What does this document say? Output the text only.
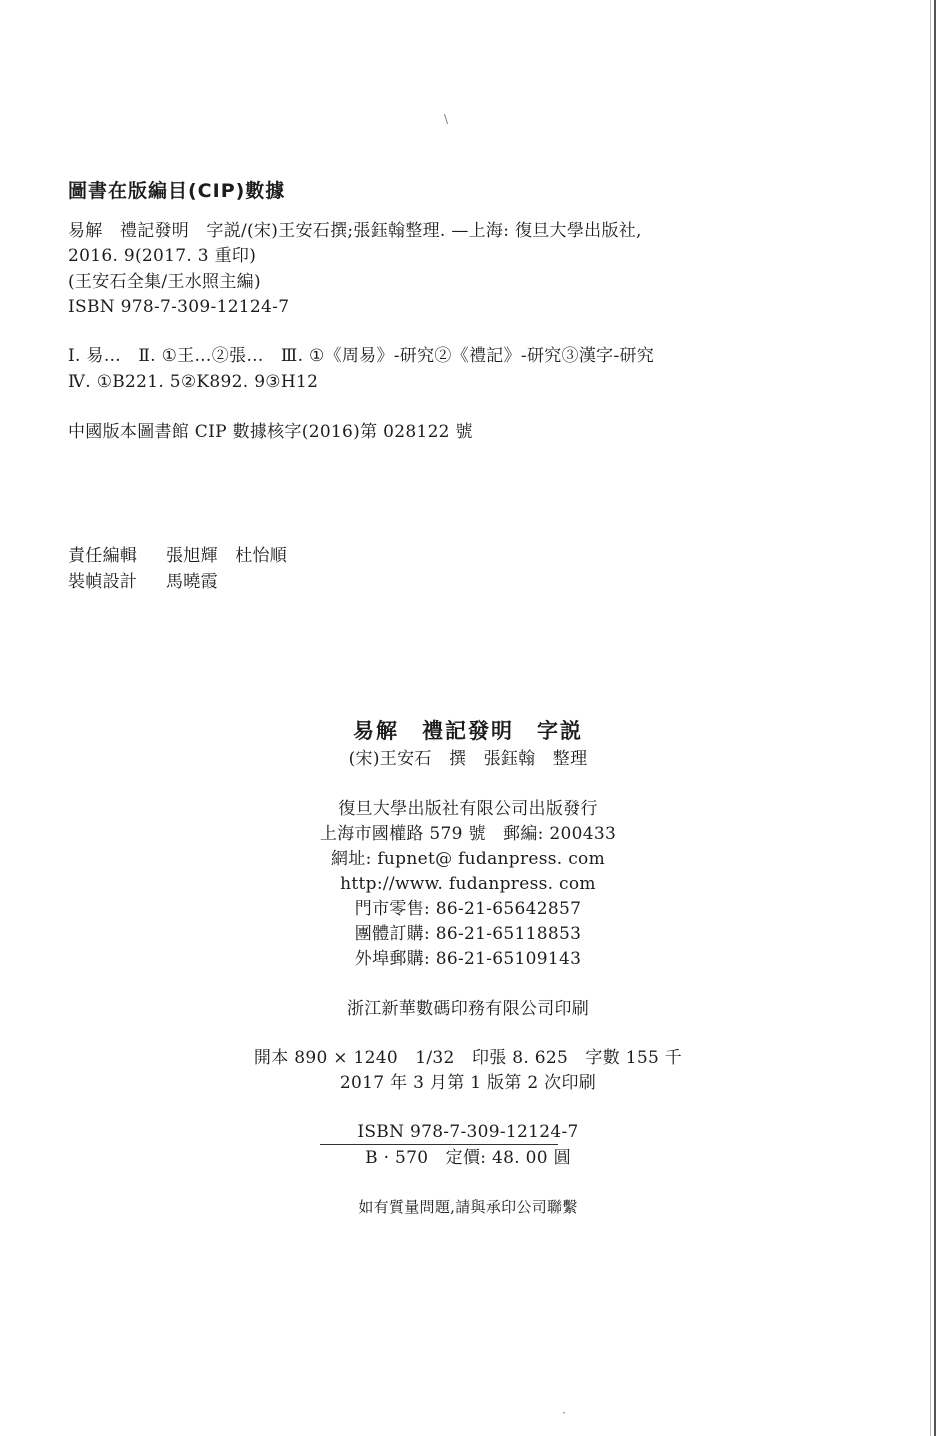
\
圖書在版編目(CIP)數據
易解　禮記發明　字説/(宋)王安石撰;張鈺翰整理. —上海: 復旦大學出版社,
2016. 9(2017. 3 重印)
(王安石全集/王水照主編)
ISBN 978-7-309-12124-7
Ⅰ. 易…　Ⅱ. ①王…②張…　Ⅲ. ①《周易》-研究②《禮記》-研究③漢字-研究
Ⅳ. ①B221. 5②K892. 9③H12
中國版本圖書館 CIP 數據核字(2016)第 028122 號
責任編輯 張旭輝　杜怡順
裝幀設計 馬曉霞
易解　禮記發明　字説
(宋)王安石　撰　張鈺翰　整理
復旦大學出版社有限公司出版發行
上海市國權路 579 號　郵編: 200433
網址: fupnet@ fudanpress. com
http://www. fudanpress. com
門市零售: 86-21-65642857
團體訂購: 86-21-65118853
外埠郵購: 86-21-65109143
浙江新華數碼印務有限公司印刷
開本 890 × 1240　1/32　印張 8. 625　字數 155 千
2017 年 3 月第 1 版第 2 次印刷
ISBN 978-7-309-12124-7
B · 570　定價: 48. 00 圓
如有質量問題,請與承印公司聯繫
·
